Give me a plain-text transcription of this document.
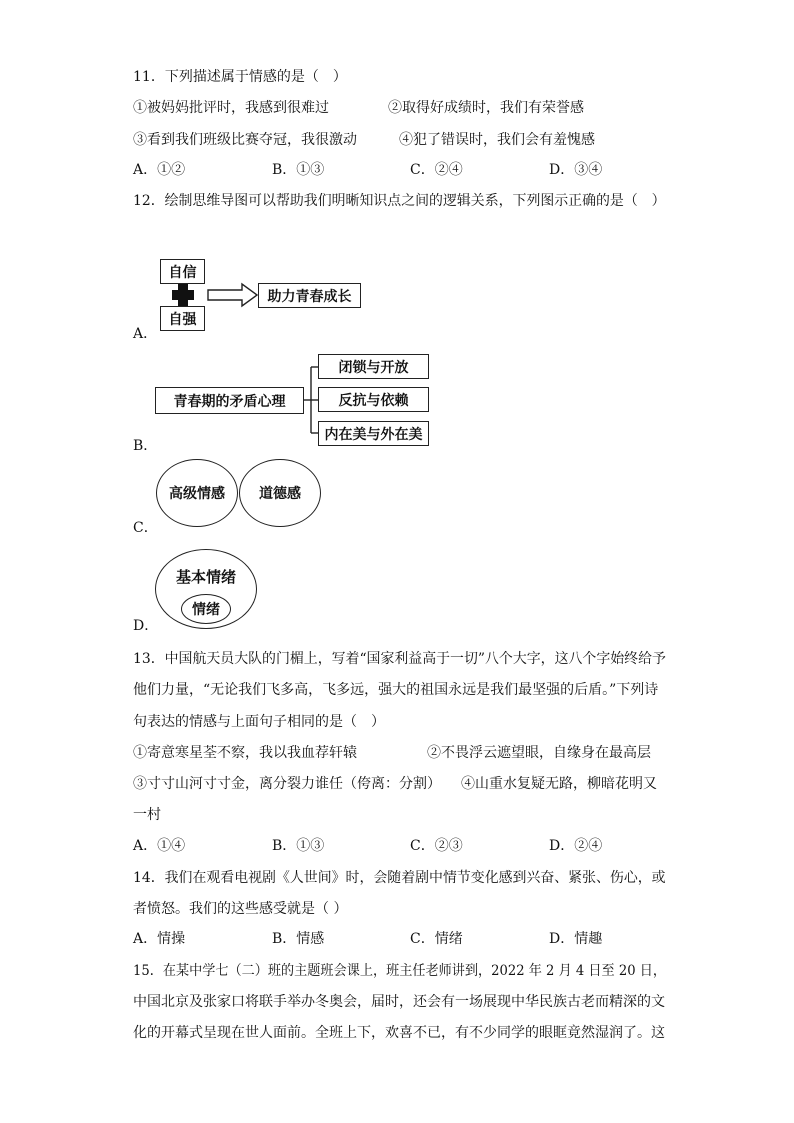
11．下列描述属于情感的是（　）
①被妈妈批评时，我感到很难过	②取得好成绩时，我们有荣誉感
③看到我们班级比赛夺冠，我很激动	④犯了错误时，我们会有羞愧感
A．①②	B．①③	C．②④	D．③④
12．绘制思维导图可以帮助我们明晰知识点之间的逻辑关系，下列图示正确的是（　）
自信
自强
助力青春成长
A．
青春期的矛盾心理
闭锁与开放
反抗与依赖
内在美与外在美
B．
高级情感	道德感
C．
基本情绪
情绪
D．
13．中国航天员大队的门楣上，写着“国家利益高于一切”八个大字，这八个字始终给予
他们力量，“无论我们飞多高，飞多远，强大的祖国永远是我们最坚强的后盾。”下列诗
句表达的情感与上面句子相同的是（　）
①寄意寒星荃不察，我以我血荐轩辕	②不畏浮云遮望眼，自缘身在最高层
③寸寸山河寸寸金，离分裂力谁任（侉离：分割） ④山重水复疑无路，柳暗花明又
一村
A．①④	B．①③	C．②③	D．②④
14．我们在观看电视剧《人世间》时，会随着剧中情节变化感到兴奋、紧张、伤心，或
者愤怒。我们的这些感受就是（ ）
A．情操	B．情感	C．情绪	D．情趣
15．在某中学七（二）班的主题班会课上，班主任老师讲到，2022 年 2 月 4 日至 20 日，
中国北京及张家口将联手举办冬奥会，届时，还会有一场展现中华民族古老而精深的文
化的开幕式呈现在世人面前。全班上下，欢喜不已，有不少同学的眼眶竟然湿润了。这
